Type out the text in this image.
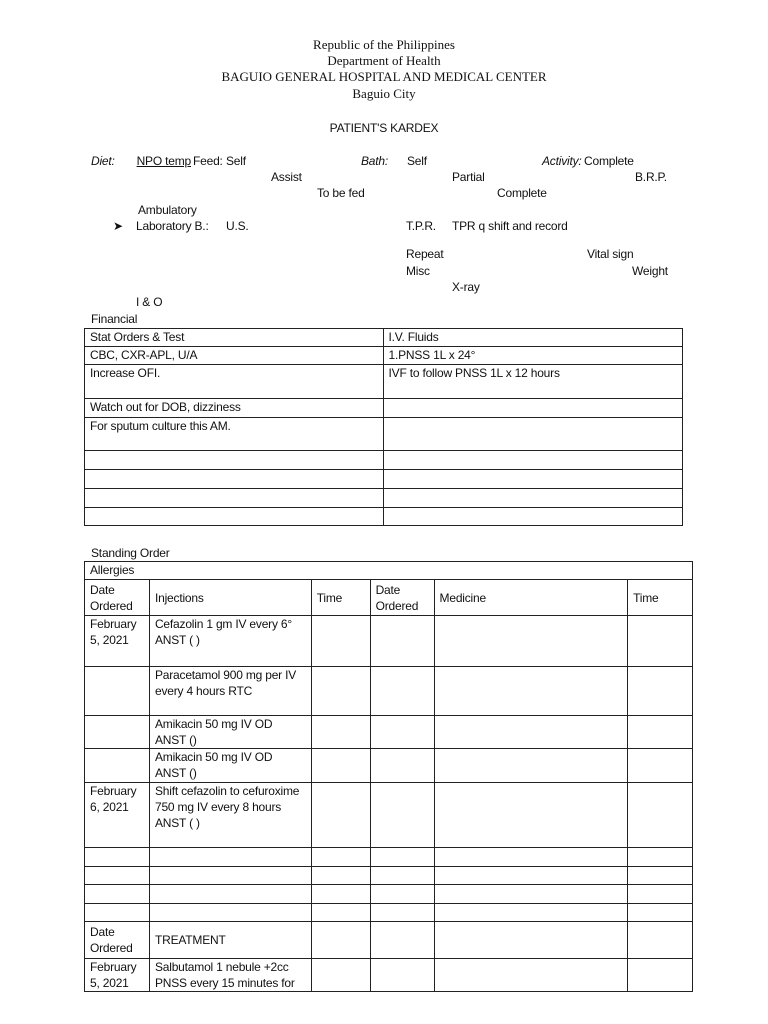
Republic of the Philippines
Department of Health
BAGUIO GENERAL HOSPITAL AND MEDICAL CENTER
Baguio City
PATIENT'S KARDEX
Diet:	NPO temp Feed: Self	Bath: Self	Activity: Complete
Assist	Partial	B.R.P.
To be fed	Complete
Ambulatory
➤ Laboratory B.: U.S.	T.P.R. TPR q shift and record
Repeat	Vital sign
Misc	Weight
X-ray
I & O
Financial
Stat Orders & Test	I.V. Fluids
CBC, CXR-APL, U/A	1.PNSS 1L x 24°
Increase OFI.	IVF to follow PNSS 1L x 12 hours
Watch out for DOB, dizziness	
For sputum culture this AM.	

Standing Order
Allergies					
Date Ordered	Injections	Time	Date Ordered	Medicine	Time
February 5, 2021	Cefazolin 1 gm IV every 6° ANST ( )				
	Paracetamol 900 mg per IV every 4 hours RTC				
	Amikacin 50 mg IV OD ANST ()				
	Amikacin 50 mg IV OD ANST ()				
February 6, 2021	Shift cefazolin to cefuroxime 750 mg IV every 8 hours ANST ( )				

Date Ordered	TREATMENT				
February 5, 2021	Salbutamol 1 nebule +2cc PNSS every 15 minutes for				
